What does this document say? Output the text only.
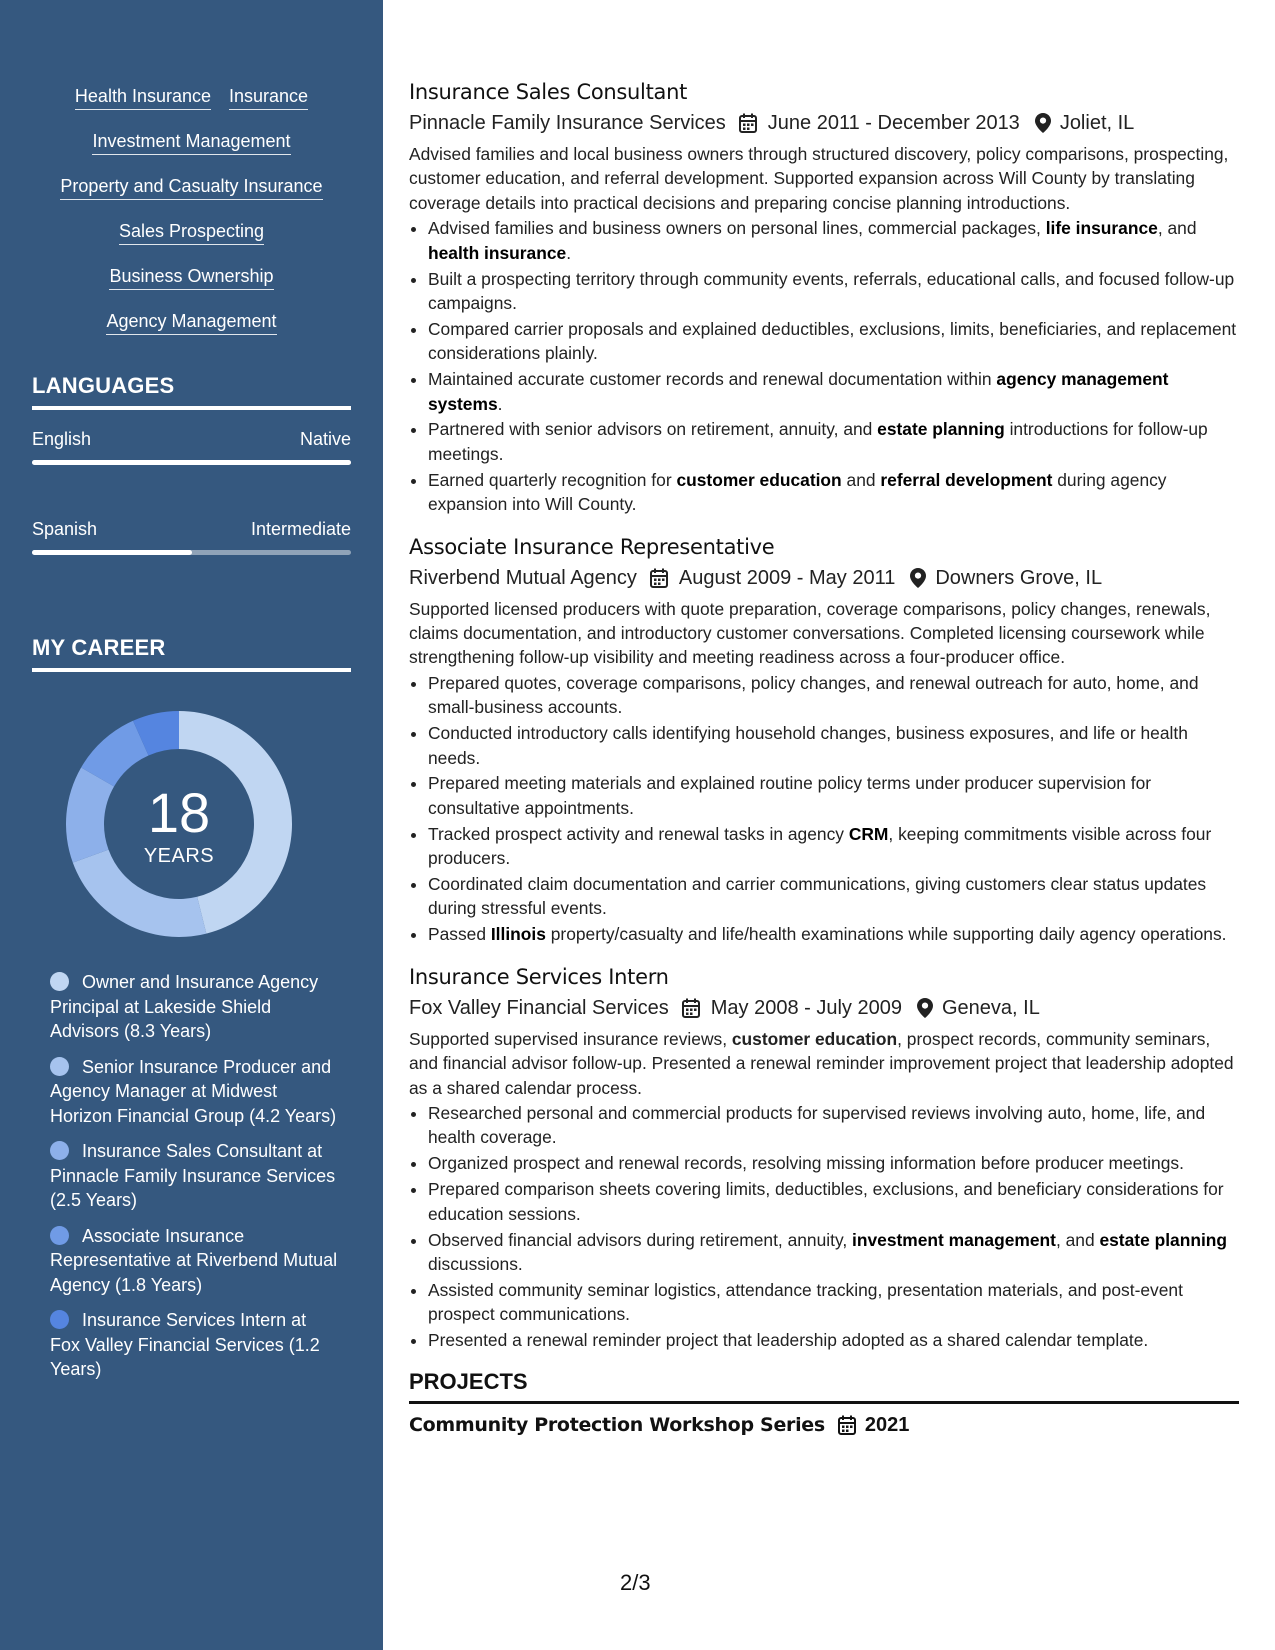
Health Insurance Insurance
Investment Management
Property and Casualty Insurance
Sales Prospecting
Business Ownership
Agency Management
LANGUAGES
English	Native
Spanish	Intermediate
MY CAREER
18
YEARS
Owner and Insurance Agency Principal at Lakeside Shield Advisors (8.3 Years)
Senior Insurance Producer and Agency Manager at Midwest Horizon Financial Group (4.2 Years)
Insurance Sales Consultant at Pinnacle Family Insurance Services (2.5 Years)
Associate Insurance Representative at Riverbend Mutual Agency (1.8 Years)
Insurance Services Intern at Fox Valley Financial Services (1.2 Years)
Insurance Sales Consultant
Pinnacle Family Insurance Services June 2011 - December 2013 Joliet, IL

Advised families and local business owners through structured discovery, policy comparisons, prospecting, customer education, and referral development. Supported expansion across Will County by translating coverage details into practical decisions and preparing concise planning introductions.

• Advised families and business owners on personal lines, commercial packages, life insurance, and health insurance.
• Built a prospecting territory through community events, referrals, educational calls, and focused follow-up campaigns.
• Compared carrier proposals and explained deductibles, exclusions, limits, beneficiaries, and replacement considerations plainly.
• Maintained accurate customer records and renewal documentation within agency management systems.
• Partnered with senior advisors on retirement, annuity, and estate planning introductions for follow-up meetings.
• Earned quarterly recognition for customer education and referral development during agency expansion into Will County.
Associate Insurance Representative
Riverbend Mutual Agency August 2009 - May 2011 Downers Grove, IL

Supported licensed producers with quote preparation, coverage comparisons, policy changes, renewals, claims documentation, and introductory customer conversations. Completed licensing coursework while strengthening follow-up visibility and meeting readiness across a four-producer office.

• Prepared quotes, coverage comparisons, policy changes, and renewal outreach for auto, home, and small-business accounts.
• Conducted introductory calls identifying household changes, business exposures, and life or health needs.
• Prepared meeting materials and explained routine policy terms under producer supervision for consultative appointments.
• Tracked prospect activity and renewal tasks in agency CRM, keeping commitments visible across four producers.
• Coordinated claim documentation and carrier communications, giving customers clear status updates during stressful events.
• Passed Illinois property/casualty and life/health examinations while supporting daily agency operations.
Insurance Services Intern
Fox Valley Financial Services May 2008 - July 2009 Geneva, IL

Supported supervised insurance reviews, customer education, prospect records, community seminars, and financial advisor follow-up. Presented a renewal reminder improvement project that leadership adopted as a shared calendar process.

• Researched personal and commercial products for supervised reviews involving auto, home, life, and health coverage.
• Organized prospect and renewal records, resolving missing information before producer meetings.
• Prepared comparison sheets covering limits, deductibles, exclusions, and beneficiary considerations for education sessions.
• Observed financial advisors during retirement, annuity, investment management, and estate planning discussions.
• Assisted community seminar logistics, attendance tracking, presentation materials, and post-event prospect communications.
• Presented a renewal reminder project that leadership adopted as a shared calendar template.
PROJECTS
Community Protection Workshop Series 2021
2/3
